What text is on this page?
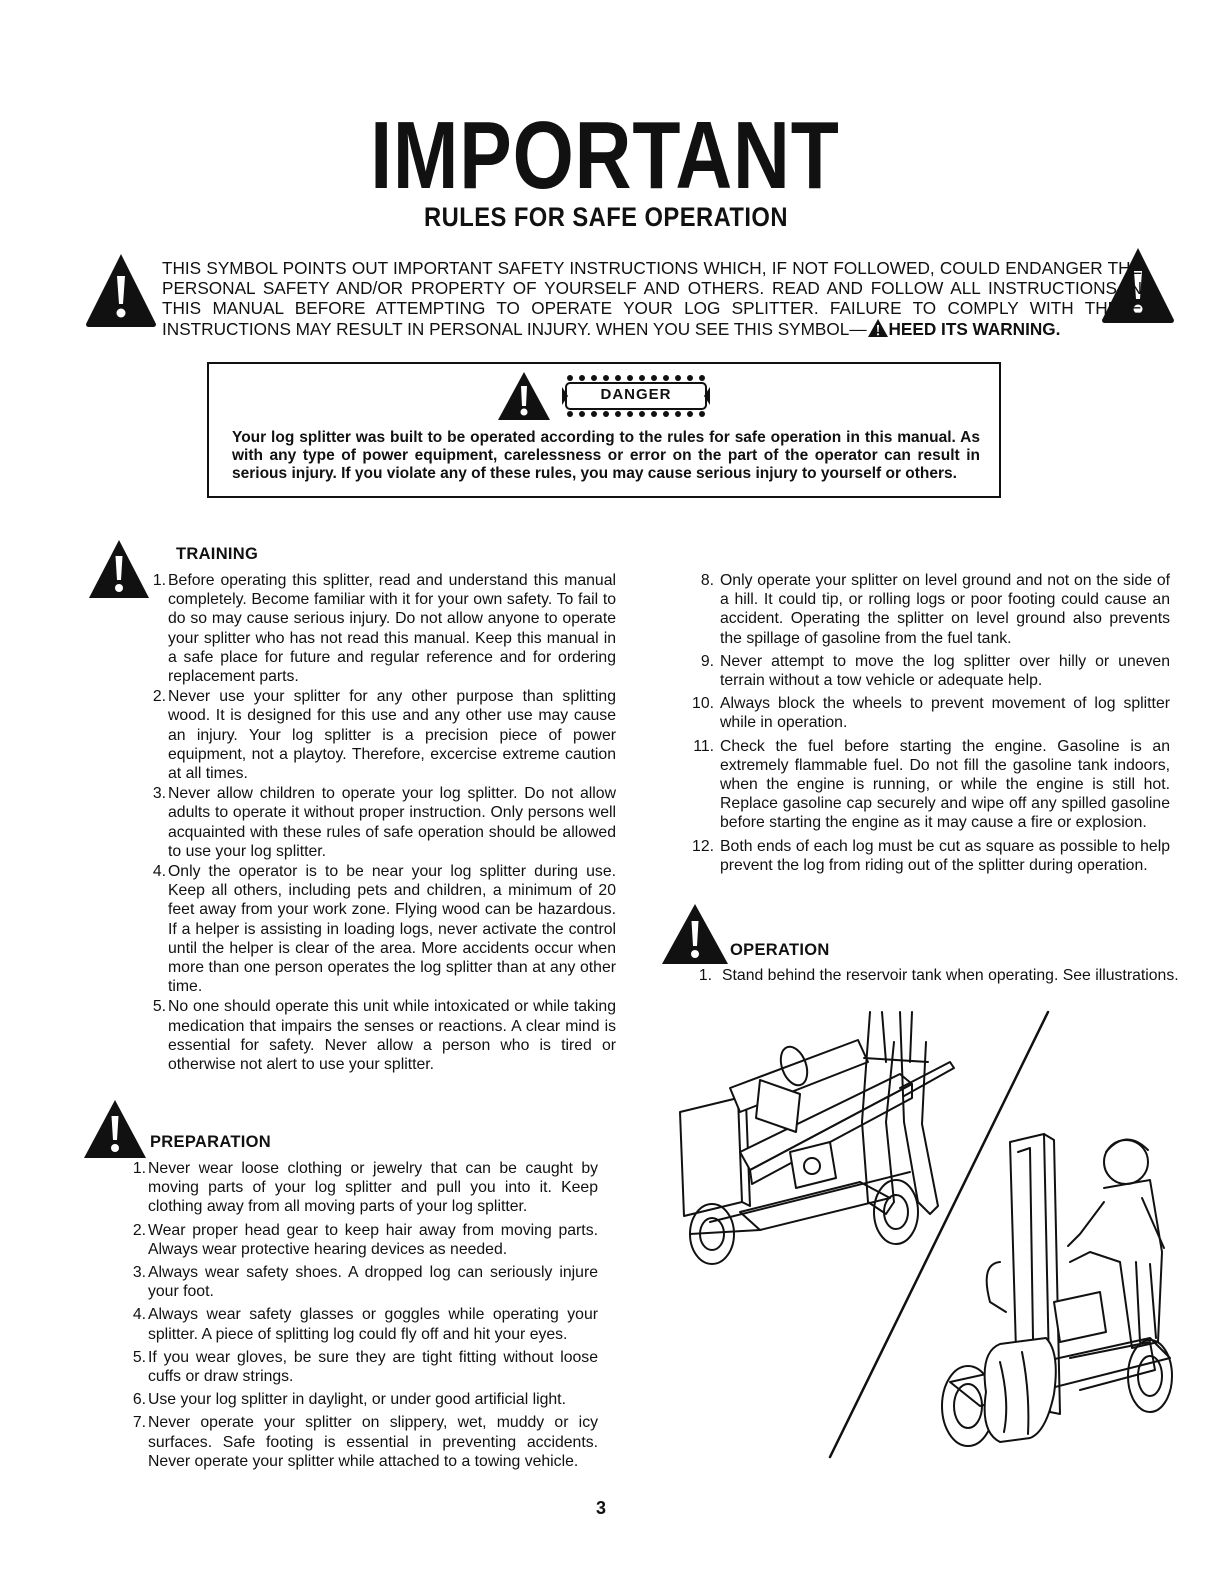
IMPORTANT
RULES FOR SAFE OPERATION
THIS SYMBOL POINTS OUT IMPORTANT SAFETY INSTRUCTIONS WHICH, IF NOT FOLLOWED, COULD ENDANGER THE PERSONAL SAFETY AND/OR PROPERTY OF YOURSELF AND OTHERS. READ AND FOLLOW ALL INSTRUCTIONS IN THIS MANUAL BEFORE ATTEMPTING TO OPERATE YOUR LOG SPLITTER. FAILURE TO COMPLY WITH THESE INSTRUCTIONS MAY RESULT IN PERSONAL INJURY. WHEN YOU SEE THIS SYMBOL— HEED ITS WARNING.
DANGER
Your log splitter was built to be operated according to the rules for safe operation in this manual. As with any type of power equipment, carelessness or error on the part of the operator can result in serious injury. If you violate any of these rules, you may cause serious injury to yourself or others.
TRAINING
1. Before operating this splitter, read and understand this manual completely. Become familiar with it for your own safety. To fail to do so may cause serious injury. Do not allow anyone to operate your splitter who has not read this manual. Keep this manual in a safe place for future and regular reference and for ordering replacement parts.
2. Never use your splitter for any other purpose than splitting wood. It is designed for this use and any other use may cause an injury. Your log splitter is a precision piece of power equipment, not a playtoy. Therefore, excercise extreme caution at all times.
3. Never allow children to operate your log splitter. Do not allow adults to operate it without proper instruction. Only persons well acquainted with these rules of safe operation should be allowed to use your log splitter.
4. Only the operator is to be near your log splitter during use. Keep all others, including pets and children, a minimum of 20 feet away from your work zone. Flying wood can be hazardous. If a helper is assisting in loading logs, never activate the control until the helper is clear of the area. More accidents occur when more than one person operates the log splitter than at any other time.
5. No one should operate this unit while intoxicated or while taking medication that impairs the senses or reactions. A clear mind is essential for safety. Never allow a person who is tired or otherwise not alert to use your splitter.
PREPARATION
1. Never wear loose clothing or jewelry that can be caught by moving parts of your log splitter and pull you into it. Keep clothing away from all moving parts of your log splitter.
2. Wear proper head gear to keep hair away from moving parts. Always wear protective hearing devices as needed.
3. Always wear safety shoes. A dropped log can seriously injure your foot.
4. Always wear safety glasses or goggles while operating your splitter. A piece of splitting log could fly off and hit your eyes.
5. If you wear gloves, be sure they are tight fitting without loose cuffs or draw strings.
6. Use your log splitter in daylight, or under good artificial light.
7. Never operate your splitter on slippery, wet, muddy or icy surfaces. Safe footing is essential in preventing accidents. Never operate your splitter while attached to a towing vehicle.
8. Only operate your splitter on level ground and not on the side of a hill. It could tip, or rolling logs or poor footing could cause an accident. Operating the splitter on level ground also prevents the spillage of gasoline from the fuel tank.
9. Never attempt to move the log splitter over hilly or uneven terrain without a tow vehicle or adequate help.
10. Always block the wheels to prevent movement of log splitter while in operation.
11. Check the fuel before starting the engine. Gasoline is an extremely flammable fuel. Do not fill the gasoline tank indoors, when the engine is running, or while the engine is still hot. Replace gasoline cap securely and wipe off any spilled gasoline before starting the engine as it may cause a fire or explosion.
12. Both ends of each log must be cut as square as possible to help prevent the log from riding out of the splitter during operation.
OPERATION
1. Stand behind the reservoir tank when operating. See illustrations.
3
